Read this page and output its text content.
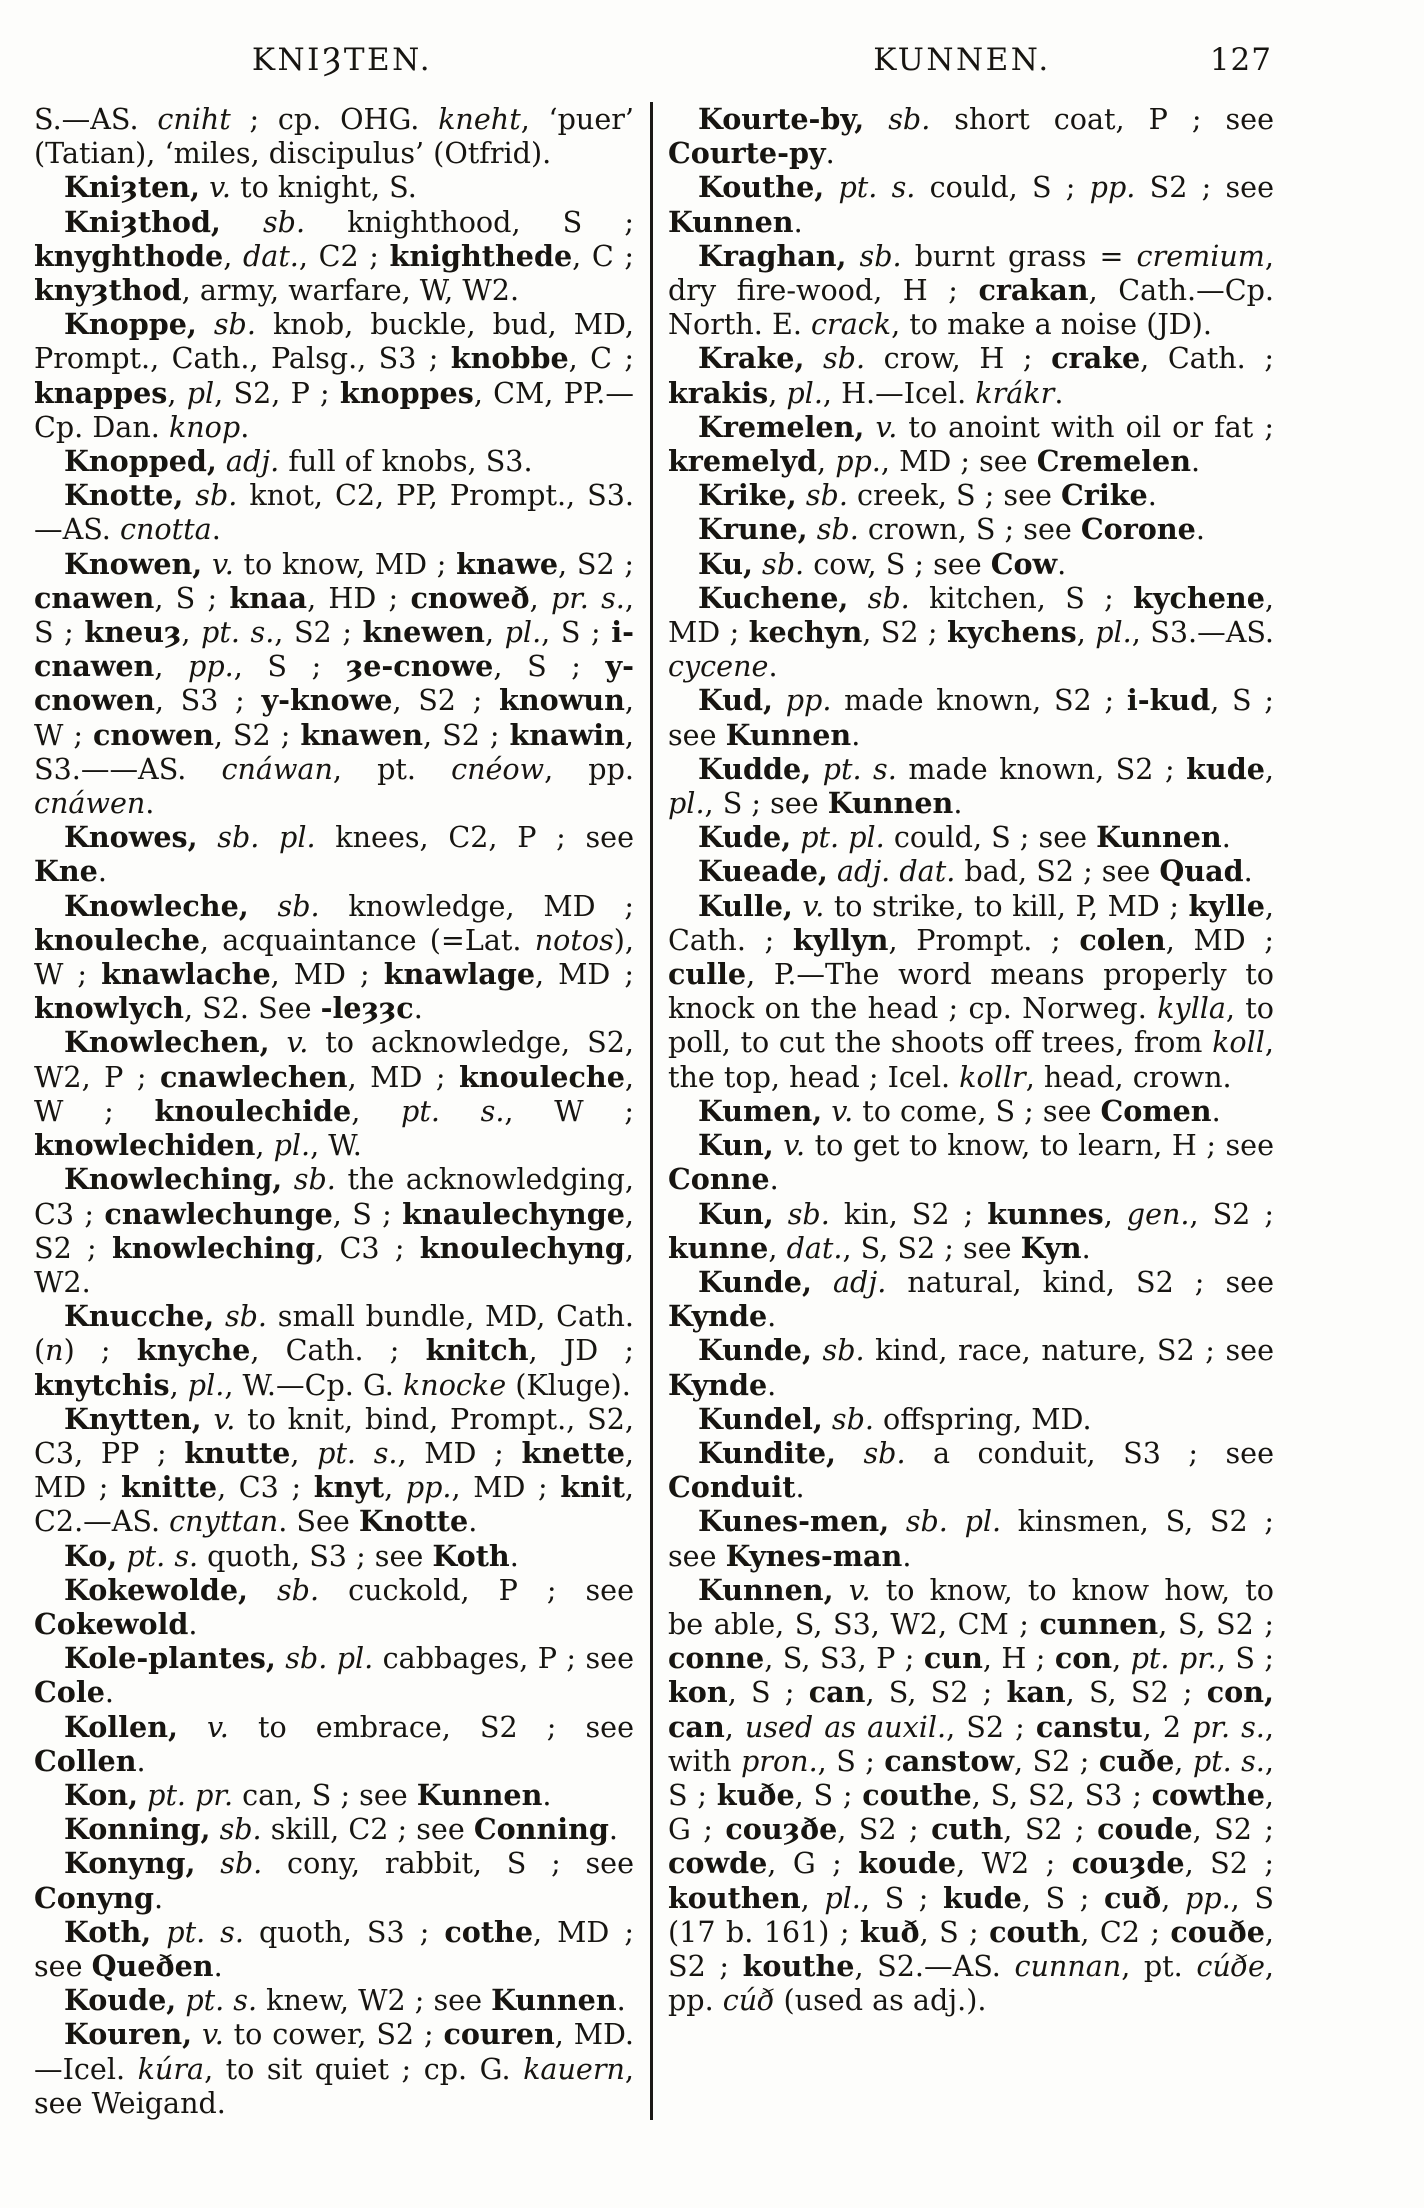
KNIȜTEN.	KUNNEN.	127

S.—AS. cniht ; cp. OHG. kneht, ‘puer’ (Tatian), ‘miles, discipulus’ (Otfrid).

Kniȝten, v. to knight, S.

Kniȝthod, sb. knighthood, S ; knyghthode, dat., C2 ; knighthede, C ; knyȝthod, army, warfare, W, W2.

Knoppe, sb. knob, buckle, bud, MD, Prompt., Cath., Palsg., S3 ; knobbe, C ; knappes, pl, S2, P ; knoppes, CM, PP.—Cp. Dan. knop.

Knopped, adj. full of knobs, S3.

Knotte, sb. knot, C2, PP, Prompt., S3.—AS. cnotta.

Knowen, v. to know, MD ; knawe, S2 ; cnawen, S ; knaa, HD ; cnoweð, pr. s., S ; kneuȝ, pt. s., S2 ; knewen, pl., S ; i-cnawen, pp., S ; ȝe-cnowe, S ; y-cnowen, S3 ; y-knowe, S2 ; knowun, W ; cnowen, S2 ; knawen, S2 ; knawin, S3.——AS. cnáwan, pt. cnéow, pp. cnáwen.

Knowes, sb. pl. knees, C2, P ; see Kne.

Knowleche, sb. knowledge, MD ; knouleche, acquaintance (=Lat. notos), W ; knawlache, MD ; knawlage, MD ; knowlych, S2. See -leȝȝc.

Knowlechen, v. to acknowledge, S2, W2, P ; cnawlechen, MD ; knouleche, W ; knoulechide, pt. s., W ; knowlechiden, pl., W.

Knowleching, sb. the acknowledging, C3 ; cnawlechunge, S ; knaulechynge, S2 ; knowleching, C3 ; knoulechyng, W2.

Knucche, sb. small bundle, MD, Cath. (n) ; knyche, Cath. ; knitch, JD ; knytchis, pl., W.—Cp. G. knocke (Kluge).

Knytten, v. to knit, bind, Prompt., S2, C3, PP ; knutte, pt. s., MD ; knette, MD ; knitte, C3 ; knyt, pp., MD ; knit, C2.—AS. cnyttan. See Knotte.

Ko, pt. s. quoth, S3 ; see Koth.

Kokewolde, sb. cuckold, P ; see Cokewold.

Kole-plantes, sb. pl. cabbages, P ; see Cole.

Kollen, v. to embrace, S2 ; see Collen.

Kon, pt. pr. can, S ; see Kunnen.

Konning, sb. skill, C2 ; see Conning.

Konyng, sb. cony, rabbit, S ; see Conyng.

Koth, pt. s. quoth, S3 ; cothe, MD ; see Queðen.

Koude, pt. s. knew, W2 ; see Kunnen.

Kouren, v. to cower, S2 ; couren, MD.—Icel. kúra, to sit quiet ; cp. G. kauern, see Weigand.

Kourte-by, sb. short coat, P ; see Courte-py.

Kouthe, pt. s. could, S ; pp. S2 ; see Kunnen.

Kraghan, sb. burnt grass = cremium, dry fire-wood, H ; crakan, Cath.—Cp. North. E. crack, to make a noise (JD).

Krake, sb. crow, H ; crake, Cath. ; krakis, pl., H.—Icel. krákr.

Kremelen, v. to anoint with oil or fat ; kremelyd, pp., MD ; see Cremelen.

Krike, sb. creek, S ; see Crike.

Krune, sb. crown, S ; see Corone.

Ku, sb. cow, S ; see Cow.

Kuchene, sb. kitchen, S ; kychene, MD ; kechyn, S2 ; kychens, pl., S3.—AS. cycene.

Kud, pp. made known, S2 ; i-kud, S ; see Kunnen.

Kudde, pt. s. made known, S2 ; kude, pl., S ; see Kunnen.

Kude, pt. pl. could, S ; see Kunnen.

Kueade, adj. dat. bad, S2 ; see Quad.

Kulle, v. to strike, to kill, P, MD ; kylle, Cath. ; kyllyn, Prompt. ; colen, MD ; culle, P.—The word means properly to knock on the head ; cp. Norweg. kylla, to poll, to cut the shoots off trees, from koll, the top, head ; Icel. kollr, head, crown.

Kumen, v. to come, S ; see Comen.

Kun, v. to get to know, to learn, H ; see Conne.

Kun, sb. kin, S2 ; kunnes, gen., S2 ; kunne, dat., S, S2 ; see Kyn.

Kunde, adj. natural, kind, S2 ; see Kynde.

Kunde, sb. kind, race, nature, S2 ; see Kynde.

Kundel, sb. offspring, MD.

Kundite, sb. a conduit, S3 ; see Conduit.

Kunes-men, sb. pl. kinsmen, S, S2 ; see Kynes-man.

Kunnen, v. to know, to know how, to be able, S, S3, W2, CM ; cunnen, S, S2 ; conne, S, S3, P ; cun, H ; con, pt. pr., S ; kon, S ; can, S, S2 ; kan, S, S2 ; con, can, used as auxil., S2 ; canstu, 2 pr. s., with pron., S ; canstow, S2 ; cuðe, pt. s., S ; kuðe, S ; couthe, S, S2, S3 ; cowthe, G ; couȝðe, S2 ; cuth, S2 ; coude, S2 ; cowde, G ; koude, W2 ; couȝde, S2 ; kouthen, pl., S ; kude, S ; cuð, pp., S (17 b. 161) ; kuð, S ; couth, C2 ; couðe, S2 ; kouthe, S2.—AS. cunnan, pt. cúðe, pp. cúð (used as adj.).
